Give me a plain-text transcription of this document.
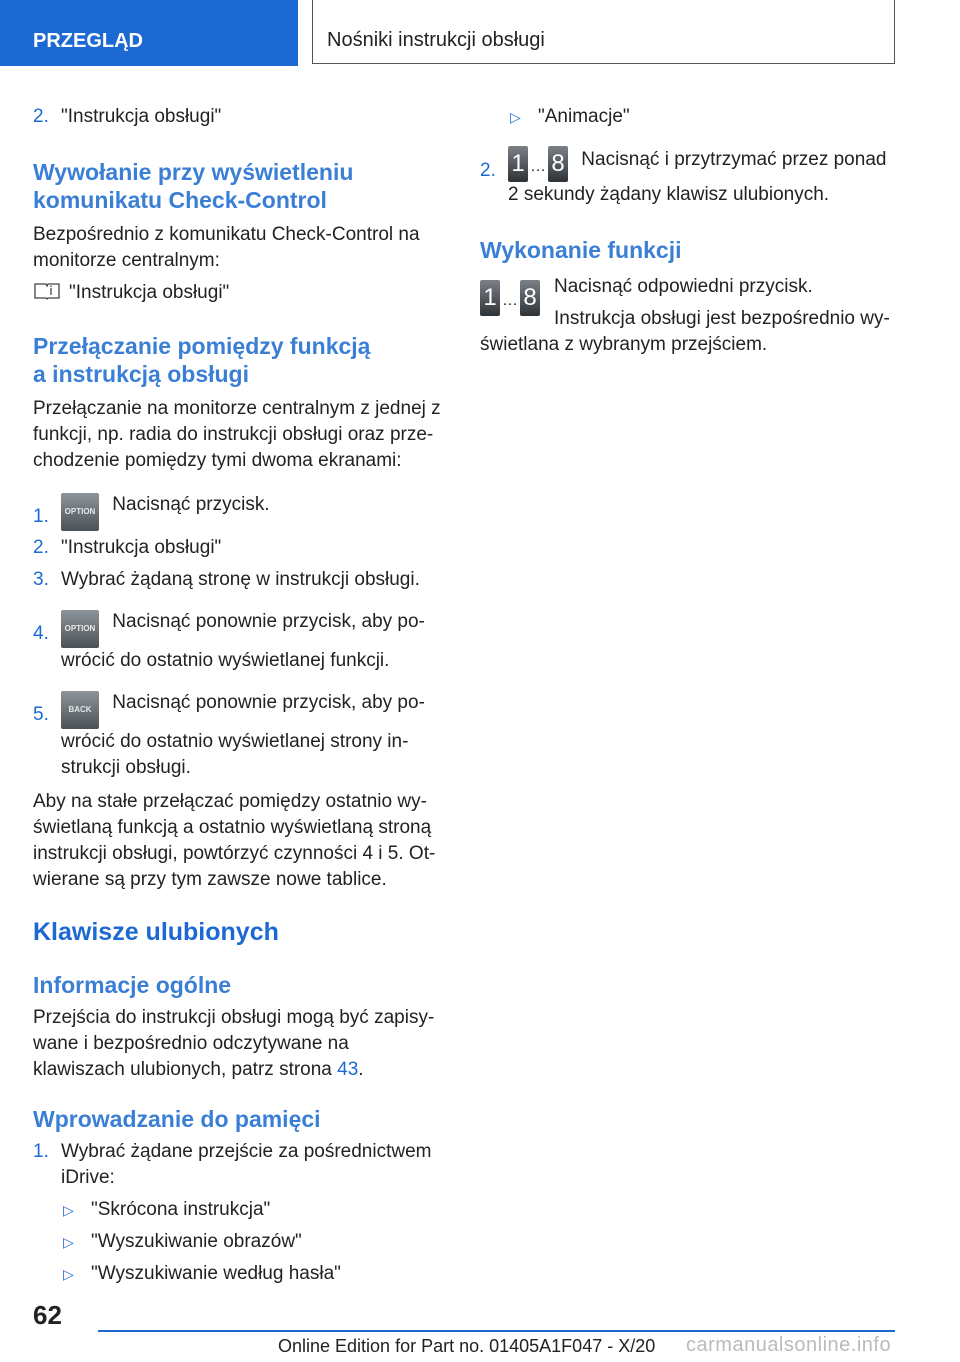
PRZEGLĄD	Nośniki instrukcji obsługi
2. "Instrukcja obsługi"
Wywołanie przy wyświetleniu
komunikatu Check-Control

Bezpośrednio z komunikatu Check-Control na monitorze centralnym:

"Instrukcja obsługi"

Przełączanie pomiędzy funkcją
a instrukcją obsługi

Przełączanie na monitorze centralnym z jednej z funkcji, np. radia do instrukcji obsługi oraz prze-chodzenie pomiędzy tymi dwoma ekranami:

1. OPTION Nacisnąć przycisk.
2. "Instrukcja obsługi"
3. Wybrać żądaną stronę w instrukcji obsługi.
4. OPTION Nacisnąć ponownie przycisk, aby po-wrócić do ostatnio wyświetlanej funkcji.
5. BACK Nacisnąć ponownie przycisk, aby po-wrócić do ostatnio wyświetlanej strony in-strukcji obsługi.

Aby na stałe przełączać pomiędzy ostatnio wy-świetlaną funkcją a ostatnio wyświetlaną stroną instrukcji obsługi, powtórzyć czynności 4 i 5. Ot-wierane są przy tym zawsze nowe tablice.

Klawisze ulubionych
Informacje ogólne

Przejścia do instrukcji obsługi mogą być zapisy-wane i bezpośrednio odczytywane na klawiszach ulubionych, patrz strona 43.

Wprowadzanie do pamięci
1. Wybrać żądane przejście za pośrednictwem iDrive:
▷ "Skrócona instrukcja"
▷ "Wyszukiwanie obrazów"
▷ "Wyszukiwanie według hasła"
▷ "Animacje"
2. 1 … 8 Nacisnąć i przytrzymać przez ponad 2 sekundy żądany klawisz ulubionych.
Wykonanie funkcji
1 … 8 Nacisnąć odpowiedni przycisk.

Instrukcja obsługi jest bezpośrednio wy-świetlana z wybranym przejściem.

62
Online Edition for Part no. 01405A1F047 - X/20 carmanualsonline.info
